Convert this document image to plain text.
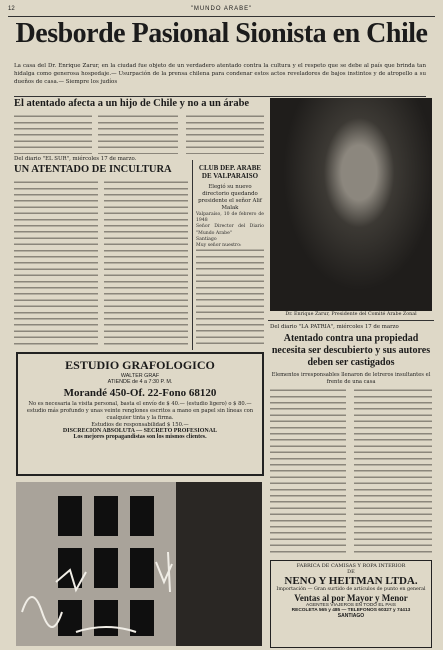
12	"MUNDO ARABE"
Desborde Pasional Sionista en Chile
La casa del Dr. Enrique Zarur, en la ciudad fue objeto de un verdadero atentado contra la cultura y el respeto que se debe al país que brinda tan hidalga como generosa hospedaje.— Usurpación de la prensa chilena para condenar estos actos reveladores de bajos instintos y de atropello a su dueños de casa.— Siempre los judíos
El atentado afecta a un hijo de Chile y no a un árabe
Del diario "EL SUR", miércoles 17 de marzo.
UN ATENTADO DE INCULTURA	CLUB DEP. ARABE DE VALPARAISO
Elegió su nuevo directorio quedando presidente el señor Alif Malak
Valparaíso, 10 de febrero de 1948
Señor Director del Diario "Mundo Arabe"
Santiago
Muy señor nuestro:
Dr. Enrique Zarur, Presidente del Comité Arabe Zonal
Del diario "LA PATRIA", miércoles 17 de marzo
Atentado contra una propiedad necesita ser descubierto y sus autores deben ser castigados
Elementos irresponsables llenaron de letreros insultantes el frente de una casa
ESTUDIO GRAFOLOGICO
WALTER GRAF
ATIENDE de 4 a 7:30 P. M.
Morandé 450-Of. 22-Fono 68120
No es necesaria la visita personal, basta el envío de $ 40.— (estudio ligero) o $ 80.— estudio más profundo y unas veinte renglones escritos a mano en papel sin líneas con cualquier tinta y la firma.
Estudios de responsabilidad $ 150.—
DISCRECION ABSOLUTA — SECRETO PROFESIONAL
Los mejores propagandistas son los mismos clientes.
FABRICA DE CAMISAS Y ROPA INTERIOR
DE
NENO Y HEITMAN LTDA.
Importación — Gran surtido de artículos de punto en general
Ventas al por Mayor y Menor
AGENTES VIAJEROS EN TODO EL PAIS
RECOLETA 565 y 485 — TELEFONOS 60327 y 74413
SANTIAGO
